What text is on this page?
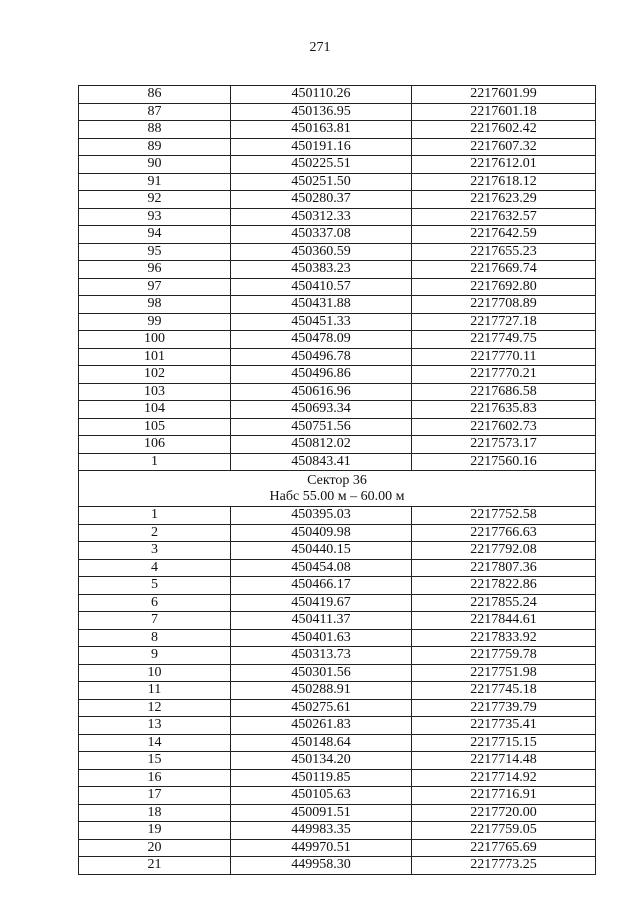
271
86	450110.26	2217601.99
87	450136.95	2217601.18
88	450163.81	2217602.42
89	450191.16	2217607.32
90	450225.51	2217612.01
91	450251.50	2217618.12
92	450280.37	2217623.29
93	450312.33	2217632.57
94	450337.08	2217642.59
95	450360.59	2217655.23
96	450383.23	2217669.74
97	450410.57	2217692.80
98	450431.88	2217708.89
99	450451.33	2217727.18
100	450478.09	2217749.75
101	450496.78	2217770.11
102	450496.86	2217770.21
103	450616.96	2217686.58
104	450693.34	2217635.83
105	450751.56	2217602.73
106	450812.02	2217573.17
1	450843.41	2217560.16

Сектор 36
Набс 55.00 м – 60.00 м		

1	450395.03	2217752.58
2	450409.98	2217766.63
3	450440.15	2217792.08
4	450454.08	2217807.36
5	450466.17	2217822.86
6	450419.67	2217855.24
7	450411.37	2217844.61
8	450401.63	2217833.92
9	450313.73	2217759.78
10	450301.56	2217751.98
11	450288.91	2217745.18
12	450275.61	2217739.79
13	450261.83	2217735.41
14	450148.64	2217715.15
15	450134.20	2217714.48
16	450119.85	2217714.92
17	450105.63	2217716.91
18	450091.51	2217720.00
19	449983.35	2217759.05
20	449970.51	2217765.69
21	449958.30	2217773.25
